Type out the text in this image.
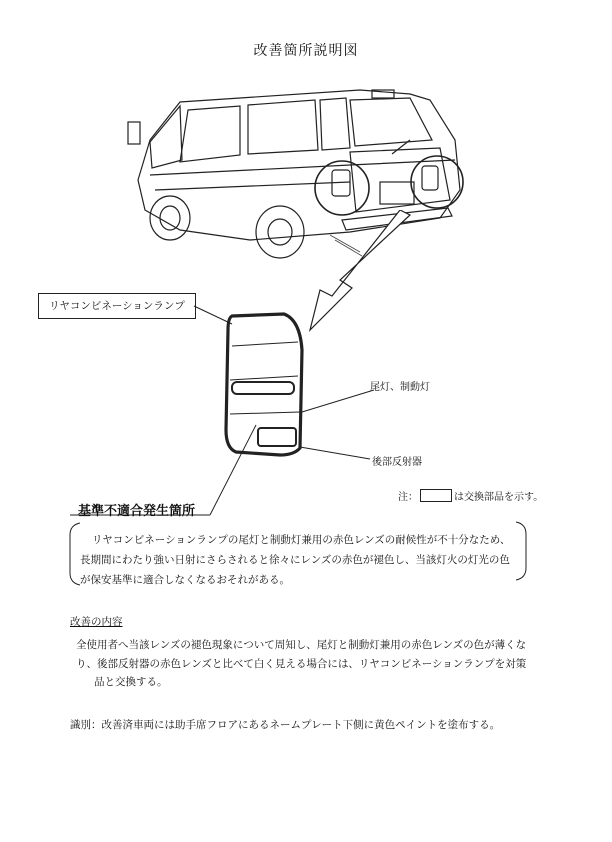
改善箇所説明図
リヤコンビネーションランプ
尾灯、制動灯
後部反射器
注：	は交換部品を示す。
基準不適合発生箇所

リヤコンビネーションランプの尾灯と制動灯兼用の赤色レンズの耐候性が不十分なため、

長期間にわたり強い日射にさらされると徐々にレンズの赤色が褪色し、当該灯火の灯光の色

が保安基準に適合しなくなるおそれがある。

改善の内容

全使用者へ当該レンズの褪色現象について周知し、尾灯と制動灯兼用の赤色レンズの色が薄くな

り、後部反射器の赤色レンズと比べて白く見える場合には、リヤコンビネーションランプを対策

品と交換する。

識別：改善済車両には助手席フロアにあるネームプレート下側に黄色ペイントを塗布する。
